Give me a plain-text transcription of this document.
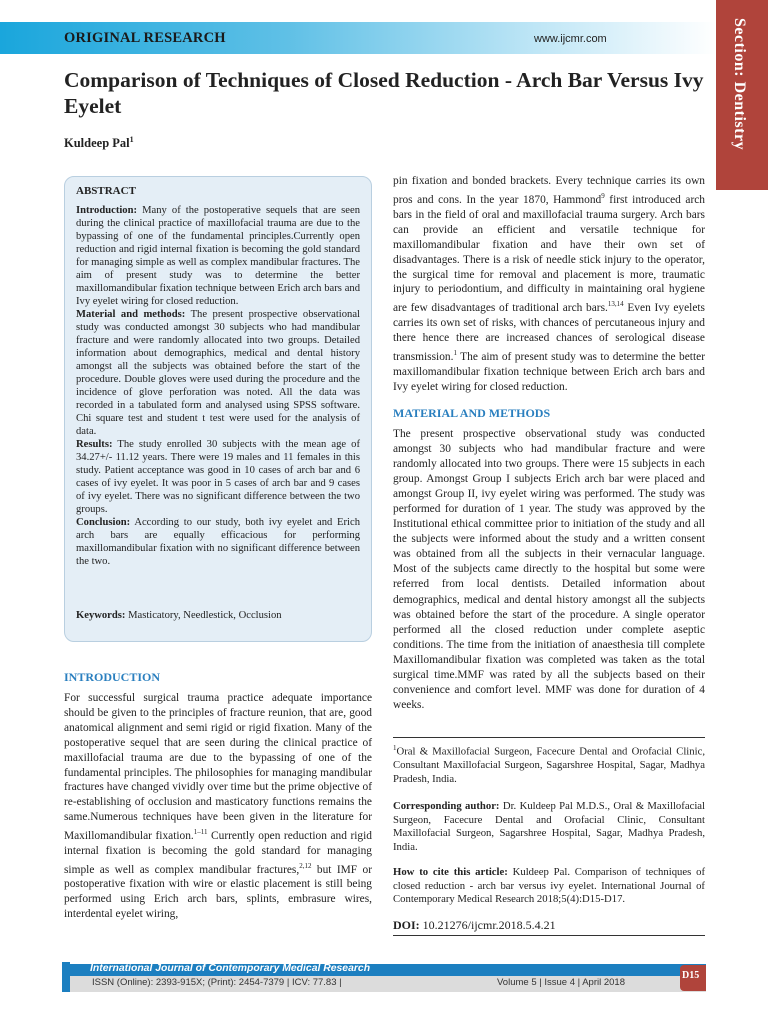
ORIGINAL RESEARCH	www.ijcmr.com	Section: Dentistry
Comparison of Techniques of Closed Reduction - Arch Bar Versus Ivy Eyelet
Kuldeep Pal$^1$
ABSTRACT

Introduction: Many of the postoperative sequels that are seen during the clinical practice of maxillofacial trauma are due to the bypassing of one of the fundamental principles.Currently open reduction and rigid internal fixation is becoming the gold standard for managing simple as well as complex mandibular fractures. The aim of present study was to determine the better maxillomandibular fixation technique between Erich arch bars and Ivy eyelet wiring for closed reduction.

Material and methods: The present prospective observational study was conducted amongst 30 subjects who had mandibular fracture and were randomly allocated into two groups. Detailed information about demographics, medical and dental history amongst all the subjects was obtained before the start of the procedure. Double gloves were used during the procedure and the incidence of glove perforation was noted. All the data was recorded in a tabulated form and analysed using SPSS software. Chi square test and student t test were used for the analysis of data.

Results: The study enrolled 30 subjects with the mean age of 34.27+/- 11.12 years. There were 19 males and 11 females in this study. Patient acceptance was good in 10 cases of arch bar and 6 cases of ivy eyelet. It was poor in 5 cases of arch bar and 9 cases of ivy eyelet. There was no significant difference between the two groups.

Conclusion: According to our study, both ivy eyelet and Erich arch bars are equally efficacious for performing maxillomandibular fixation with no significant difference between the two.

Keywords: Masticatory, Needlestick, Occlusion

INTRODUCTION

For successful surgical trauma practice adequate importance should be given to the principles of fracture reunion, that are, good anatomical alignment and semi rigid or rigid fixation. Many of the postoperative sequel that are seen during the clinical practice of maxillofacial trauma are due to the bypassing of one of the fundamental principles. The philosophies for managing mandibular fractures have changed vividly over time but the prime objective of re-establishing of occlusion and masticatory functions remains the same.Numerous techniques have been given in the literature for Maxillomandibular fixation.$^{1-11}$ Currently open reduction and rigid internal fixation is becoming the gold standard for managing simple as well as complex mandibular fractures,$^{2,12}$ but IMF or postoperative fixation with wire or elastic placement is still being performed using Erich arch bars, splints, embrasure wires, interdental eyelet wiring,

pin fixation and bonded brackets. Every technique carries its own pros and cons. In the year 1870, Hammond$^9$ first introduced arch bars in the field of oral and maxillofacial trauma surgery. Arch bars can provide an efficient and versatile technique for maxillomandibular fixation and have their own set of disadvantages. There is a risk of needle stick injury to the operator, the surgical time for removal and placement is more, traumatic injury to periodontium, and difficulty in maintaining oral hygiene are few disadvantages of traditional arch bars.$^{13,14}$ Even Ivy eyelets carries its own set of risks, with chances of percutaneous injury and there hence there are increased chances of serological disease transmission.$^1$ The aim of present study was to determine the better maxillomandibular fixation technique between Erich arch bars and Ivy eyelet wiring for closed reduction.

MATERIAL AND METHODS

The present prospective observational study was conducted amongst 30 subjects who had mandibular fracture and were randomly allocated into two groups. There were 15 subjects in each group. Amongst Group I subjects Erich arch bar were placed and amongst Group II, ivy eyelet wiring was performed. The study was performed for duration of 1 year. The study was approved by the Institutional ethical committee prior to initiation of the study and all the subjects were informed about the study and a written consent was obtained from all the subjects in their vernacular language. Most of the subjects came directly to the hospital but some were referred from local dentists. Detailed information about demographics, medical and dental history amongst all the subjects was obtained before the start of the procedure. A single operator performed all the closed reduction under complete aseptic conditions. The time from the initiation of anaesthesia till complete Maxillomandibular fixation was completed was taken as the total surgical time.MMF was rated by all the subjects based on their convenience and comfort level. MMF was done for duration of 4 weeks.

$^1$Oral & Maxillofacial Surgeon, Facecure Dental and Orofacial Clinic, Consultant Maxillofacial Surgeon, Sagarshree Hospital, Sagar, Madhya Pradesh, India.

Corresponding author: Dr. Kuldeep Pal M.D.S., Oral & Maxillofacial Surgeon, Facecure Dental and Orofacial Clinic, Consultant Maxillofacial Surgeon, Sagarshree Hospital, Sagar, Madhya Pradesh, India.

How to cite this article: Kuldeep Pal. Comparison of techniques of closed reduction - arch bar versus ivy eyelet. International Journal of Contemporary Medical Research 2018;5(4):D15-D17.

DOI: 10.21276/ijcmr.2018.5.4.21
International Journal of Contemporary Medical Research
ISSN (Online): 2393-915X; (Print): 2454-7379 | ICV: 77.83 |	Volume 5 | Issue 4 | April 2018
D15
